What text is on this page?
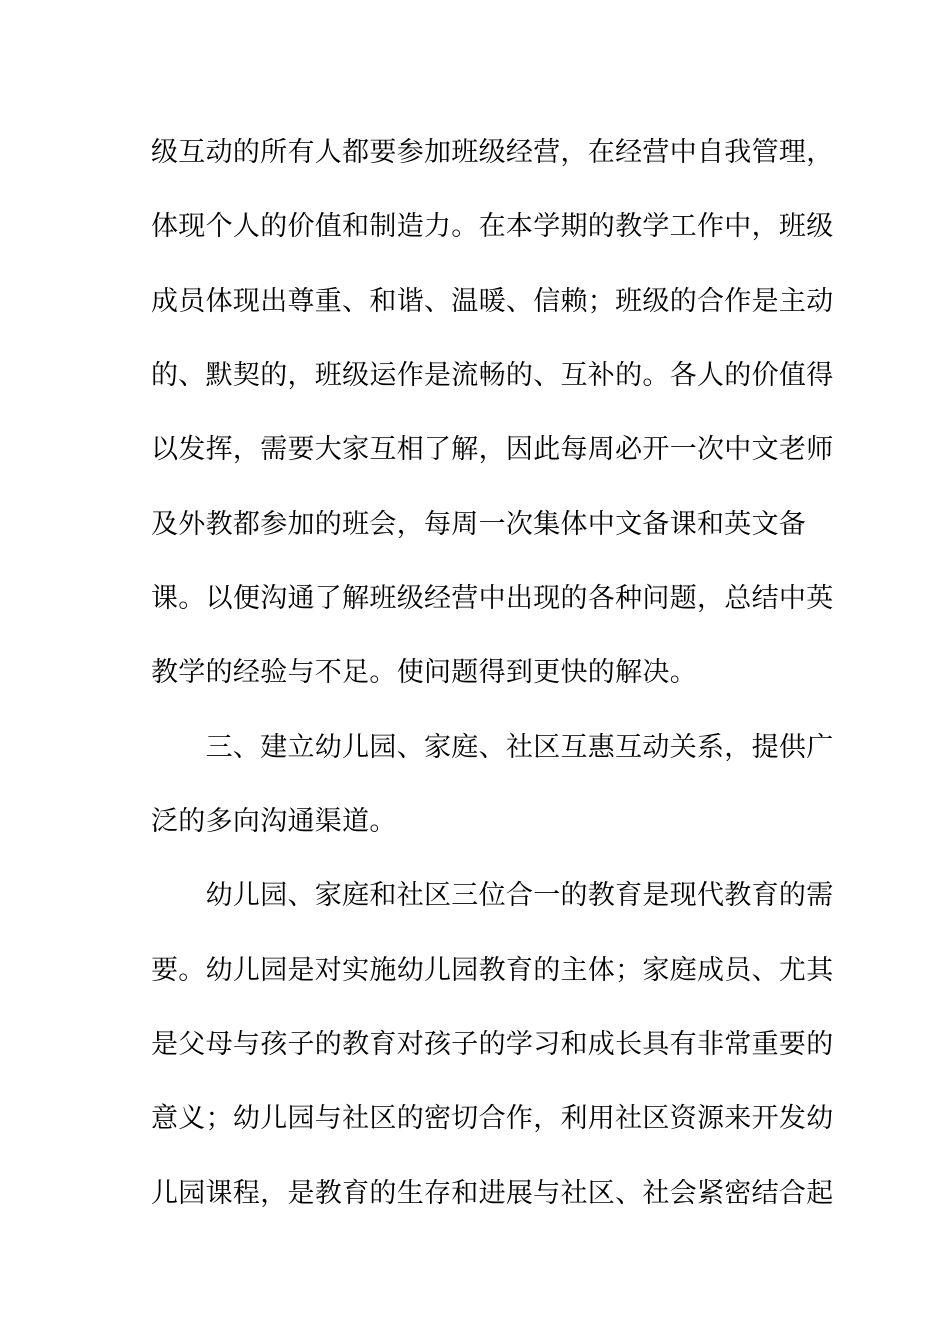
级互动的所有人都要参加班级经营，在经营中自我管理，
体现个人的价值和制造力。在本学期的教学工作中，班级
成员体现出尊重、和谐、温暖、信赖；班级的合作是主动
的、默契的，班级运作是流畅的、互补的。各人的价值得
以发挥，需要大家互相了解，因此每周必开一次中文老师
及外教都参加的班会，每周一次集体中文备课和英文备
课。以便沟通了解班级经营中出现的各种问题，总结中英
教学的经验与不足。使问题得到更快的解决。
　　三、建立幼儿园、家庭、社区互惠互动关系，提供广
泛的多向沟通渠道。
　　幼儿园、家庭和社区三位合一的教育是现代教育的需
要。幼儿园是对实施幼儿园教育的主体；家庭成员、尤其
是父母与孩子的教育对孩子的学习和成长具有非常重要的
意义；幼儿园与社区的密切合作，利用社区资源来开发幼
儿园课程，是教育的生存和进展与社区、社会紧密结合起
